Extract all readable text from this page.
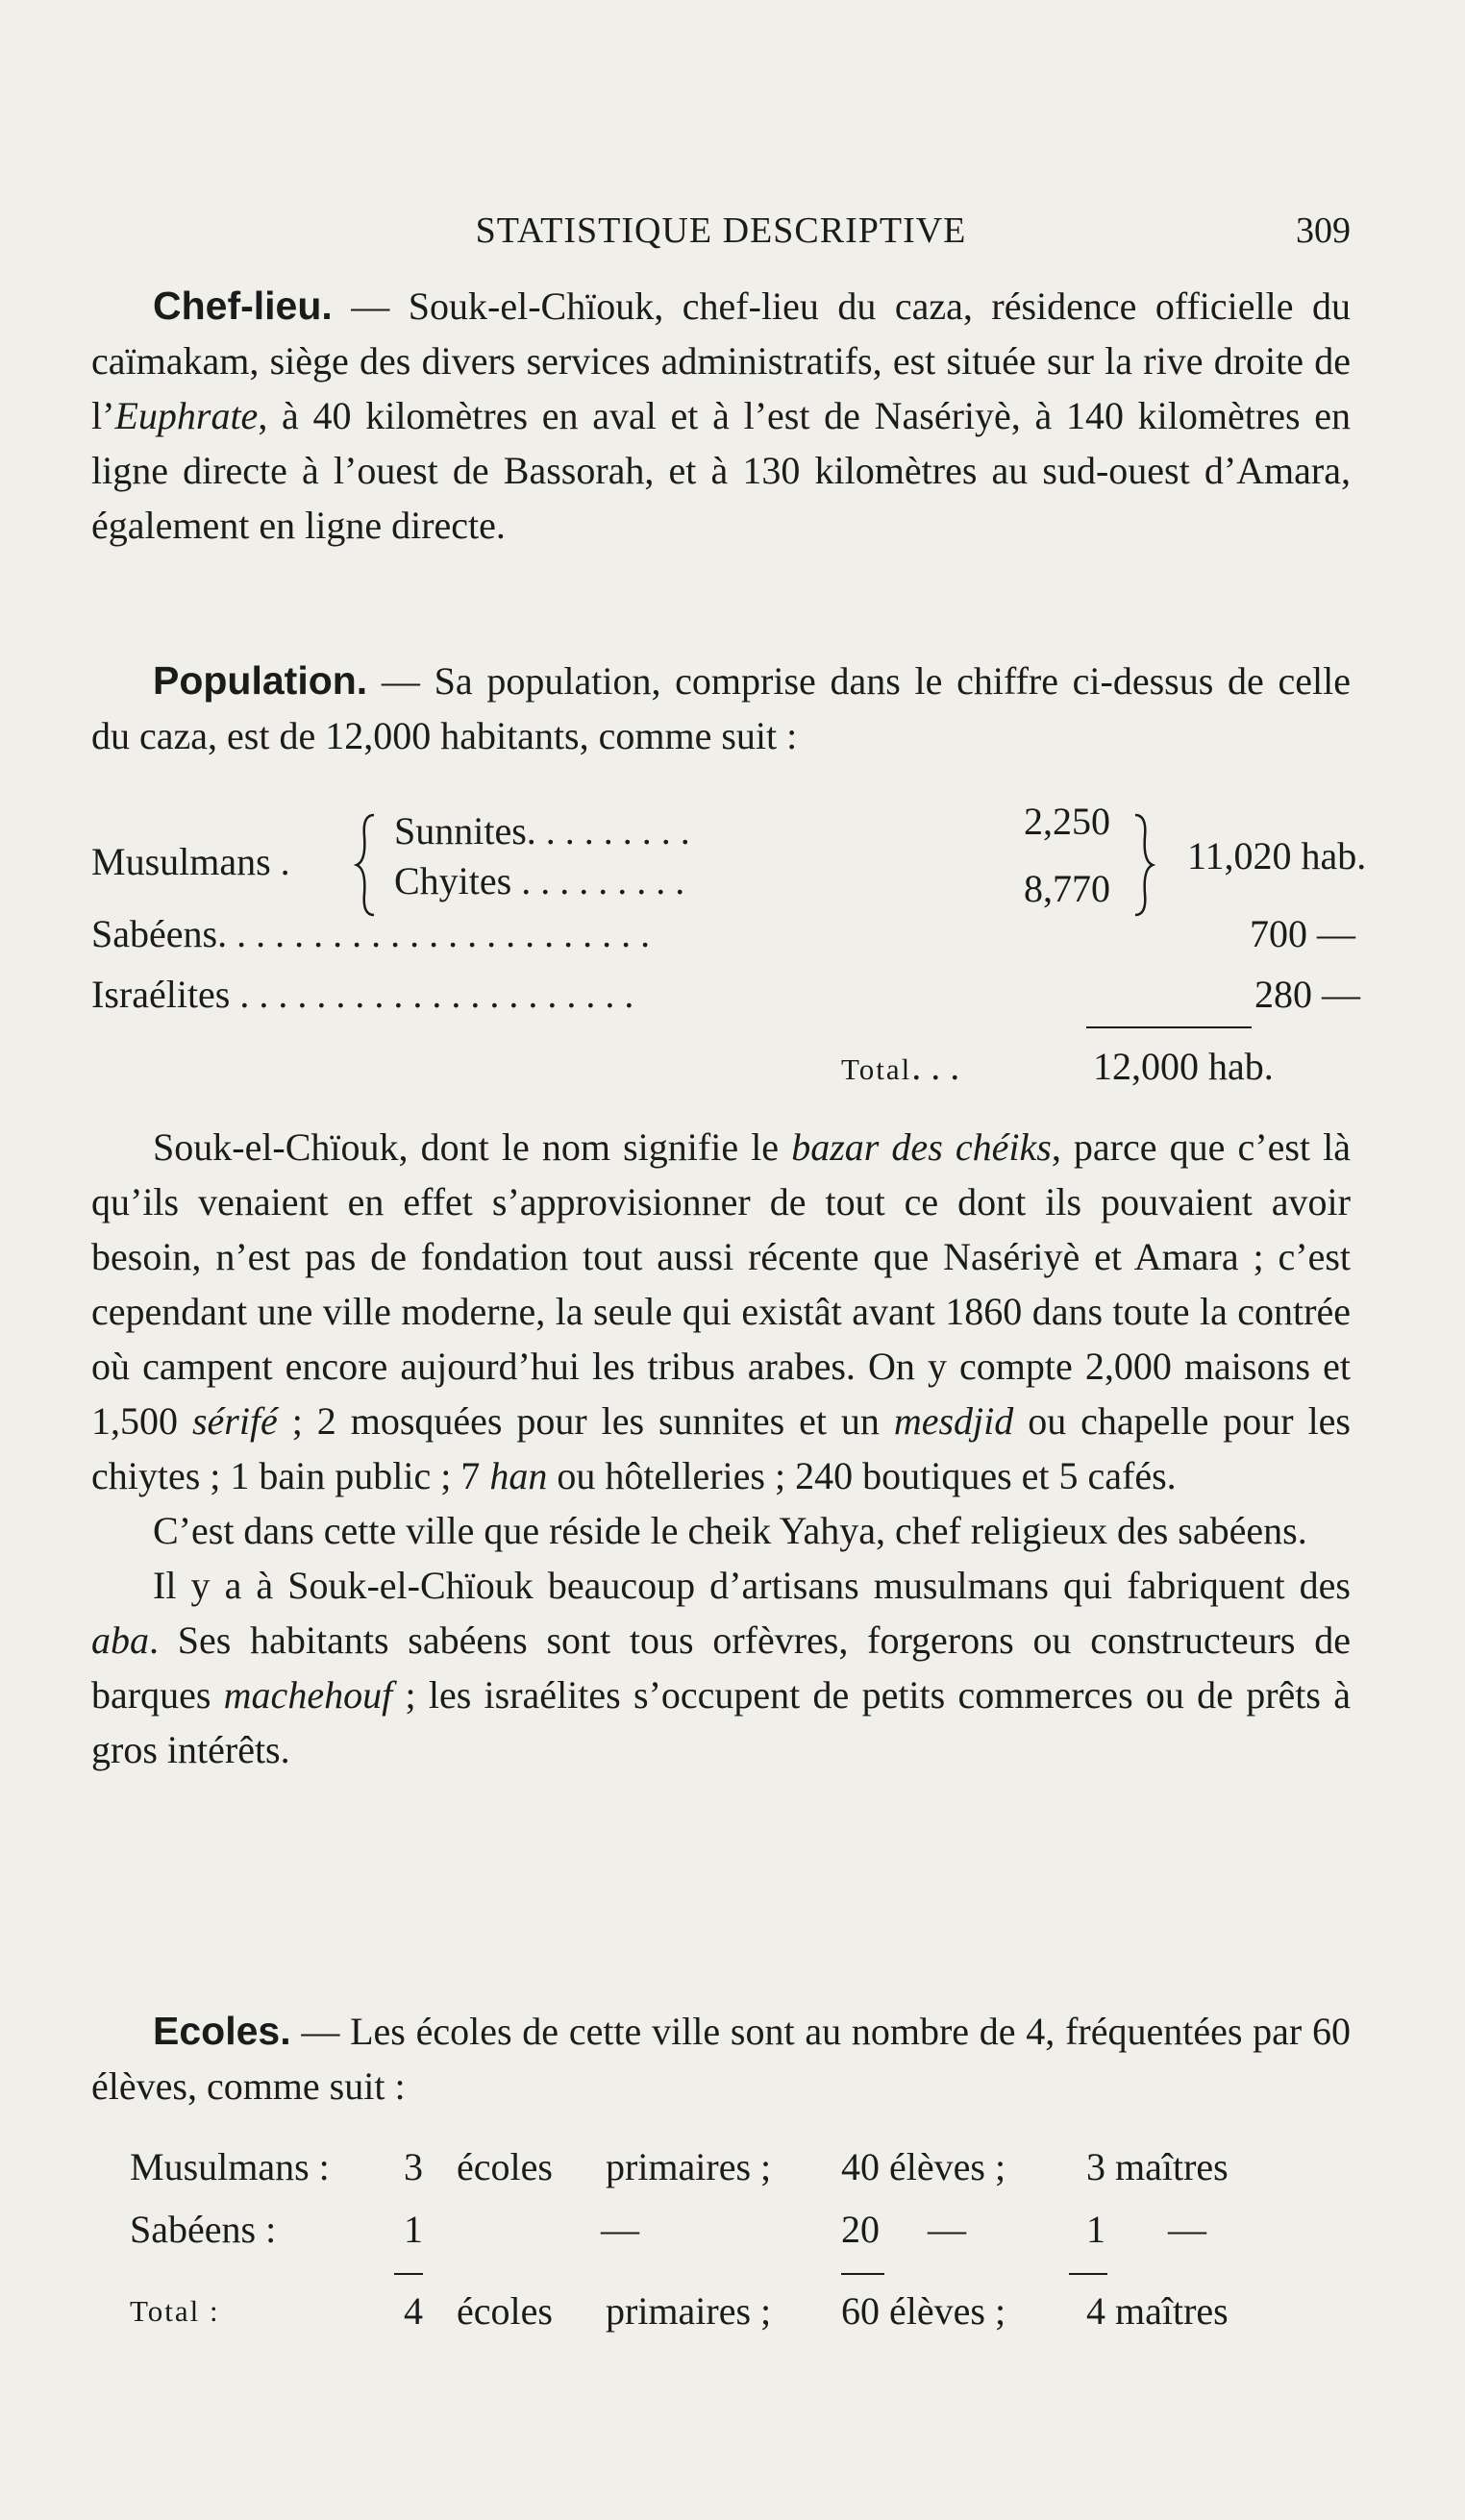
STATISTIQUE DESCRIPTIVE	309

Chef-lieu. — Souk-el-Chïouk, chef-lieu du caza, résidence officielle du caïmakam, siège des divers services administratifs, est située sur la rive droite de l’Euphrate, à 40 kilomètres en aval et à l’est de Nasériyè, à 140 kilomètres en ligne directe à l’ouest de Bassorah, et à 130 kilomètres au sud-ouest d’Amara, également en ligne directe.

Population. — Sa population, comprise dans le chiffre ci-dessus de celle du caza, est de 12,000 habitants, comme suit :

Musulmans .
Sunnites. . . . . . . . .	2,250
Chyites . . . . . . . . .	8,770
11,020 hab.
Sabéens. . . . . . . . . . . . . . . . . . . . . . .	700 —
Israélites . . . . . . . . . . . . . . . . . . . . .	280 —
Total. . .	12,000 hab.

Souk-el-Chïouk, dont le nom signifie le bazar des chéiks, parce que c’est là qu’ils venaient en effet s’approvisionner de tout ce dont ils pouvaient avoir besoin, n’est pas de fondation tout aussi récente que Nasériyè et Amara ; c’est cependant une ville moderne, la seule qui existât avant 1860 dans toute la contrée où campent encore aujourd’hui les tribus arabes. On y compte 2,000 maisons et 1,500 sérifé ; 2 mosquées pour les sunnites et un mesdjid ou chapelle pour les chiytes ; 1 bain public ; 7 han ou hôtelleries ; 240 boutiques et 5 cafés.

C’est dans cette ville que réside le cheik Yahya, chef religieux des sabéens.

Il y a à Souk-el-Chïouk beaucoup d’artisans musulmans qui fabriquent des aba. Ses habitants sabéens sont tous orfèvres, forgerons ou constructeurs de barques machehouf ; les israélites s’occupent de petits commerces ou de prêts à gros intérêts.

Ecoles. — Les écoles de cette ville sont au nombre de 4, fréquentées par 60 élèves, comme suit :

Musulmans : 3 écoles primaires ; 40 élèves ; 3 maîtres
Sabéens :	1	—	20 —	1 —
Total :	4 écoles primaires ; 60 élèves ; 4 maîtres
